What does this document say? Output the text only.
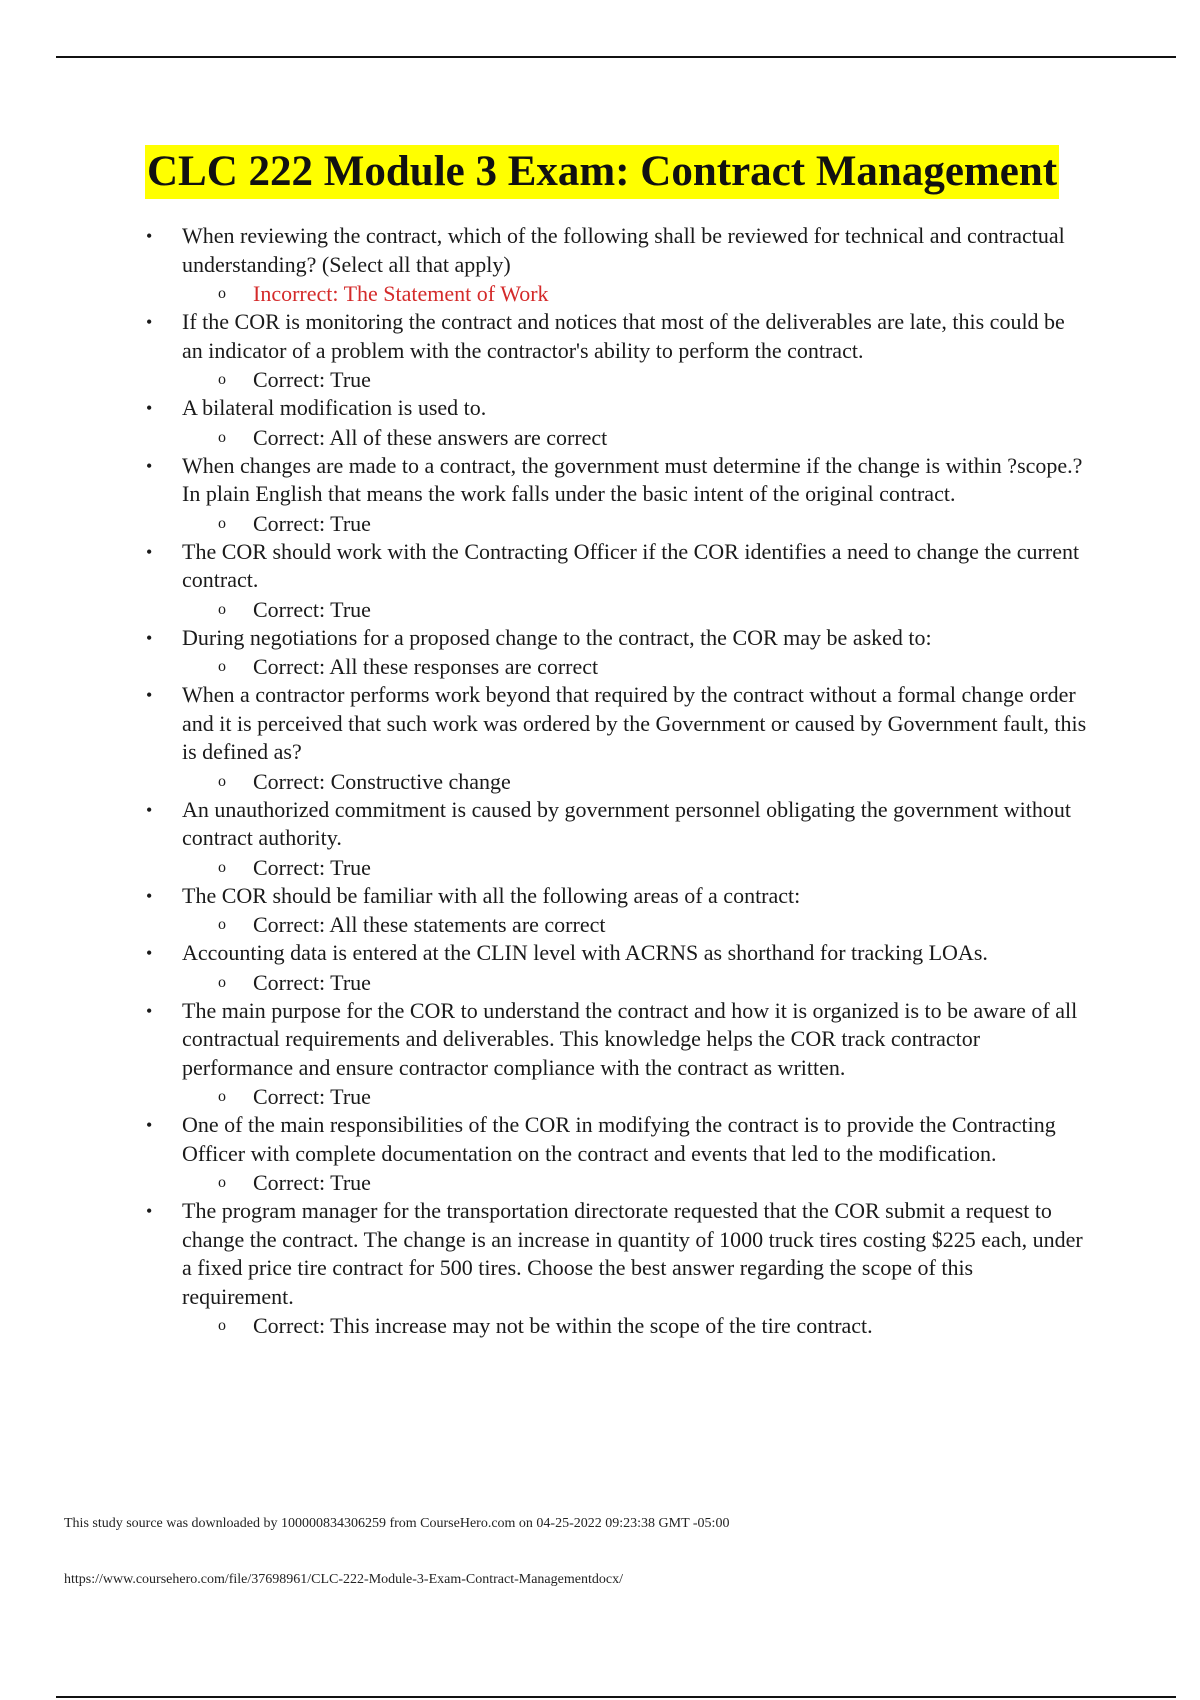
CLC 222 Module 3 Exam: Contract Management
• When reviewing the contract, which of the following shall be reviewed for technical and contractual understanding? (Select all that apply)
o Incorrect: The Statement of Work
• If the COR is monitoring the contract and notices that most of the deliverables are late, this could be an indicator of a problem with the contractor's ability to perform the contract.
o Correct: True
• A bilateral modification is used to.
o Correct: All of these answers are correct
• When changes are made to a contract, the government must determine if the change is within ?scope.? In plain English that means the work falls under the basic intent of the original contract.
o Correct: True
• The COR should work with the Contracting Officer if the COR identifies a need to change the current contract.
o Correct: True
• During negotiations for a proposed change to the contract, the COR may be asked to:
o Correct: All these responses are correct
• When a contractor performs work beyond that required by the contract without a formal change order and it is perceived that such work was ordered by the Government or caused by Government fault, this is defined as?
o Correct: Constructive change
• An unauthorized commitment is caused by government personnel obligating the government without contract authority.
o Correct: True
• The COR should be familiar with all the following areas of a contract:
o Correct: All these statements are correct
• Accounting data is entered at the CLIN level with ACRNS as shorthand for tracking LOAs.
o Correct: True
• The main purpose for the COR to understand the contract and how it is organized is to be aware of all contractual requirements and deliverables. This knowledge helps the COR track contractor performance and ensure contractor compliance with the contract as written.
o Correct: True
• One of the main responsibilities of the COR in modifying the contract is to provide the Contracting Officer with complete documentation on the contract and events that led to the modification.
o Correct: True
• The program manager for the transportation directorate requested that the COR submit a request to change the contract. The change is an increase in quantity of 1000 truck tires costing $225 each, under a fixed price tire contract for 500 tires. Choose the best answer regarding the scope of this requirement.
o Correct: This increase may not be within the scope of the tire contract.
This study source was downloaded by 100000834306259 from CourseHero.com on 04-25-2022 09:23:38 GMT -05:00
https://www.coursehero.com/file/37698961/CLC-222-Module-3-Exam-Contract-Managementdocx/
